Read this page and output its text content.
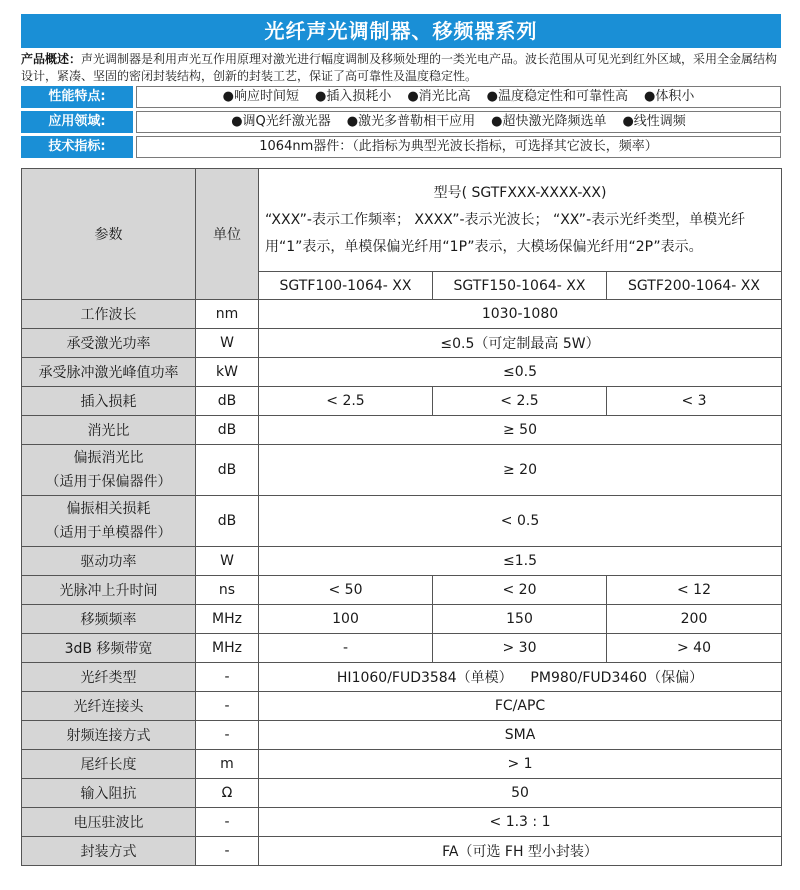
光纤声光调制器、移频器系列
产品概述：声光调制器是利用声光互作用原理对激光进行幅度调制及移频处理的一类光电产品。波长范围从可见光到红外区域，采用全金属结构设计，紧凑、坚固的密闭封装结构，创新的封装工艺，保证了高可靠性及温度稳定性。
性能特点:	●响应时间短 ●插入损耗小 ●消光比高 ●温度稳定性和可靠性高 ●体积小
应用领域:	●调Q光纤激光器 ●激光多普勒相干应用 ●超快激光降频选单 ●线性调频
技术指标:	1064nm器件：（此指标为典型光波长指标，可选择其它波长，频率）
参数	单位	型号( SGTFXXX-XXXX-XX)
“XXX”-表示工作频率； XXXX”-表示光波长； “XX”-表示光纤类型，单模光纤用“1”表示，单模保偏光纤用“1P”表示，大模场保偏光纤用“2P”表示。		

		SGTF100-1064- XX	SGTF150-1064- XX	SGTF200-1064- XX

工作波长	nm	1030-1080		

承受激光功率	W	≤0.5（可定制最高 5W）		

承受脉冲激光峰值功率	kW	≤0.5		

插入损耗	dB	< 2.5	< 2.5	< 3

消光比	dB	≥ 50		

偏振消光比
（适用于保偏器件）	dB	≥ 20		

偏振相关损耗
（适用于单模器件）	dB	< 0.5		

驱动功率	W	≤1.5		

光脉冲上升时间	ns	< 50	< 20	< 12

移频频率	MHz	100	150	200

3dB 移频带宽	MHz	-	> 30	> 40

光纤类型	-	HI1060/FUD3584（单模）    PM980/FUD3460（保偏）		

光纤连接头	-	FC/APC		

射频连接方式	-	SMA		

尾纤长度	m	> 1		

输入阻抗	Ω	50		

电压驻波比	-	< 1.3 : 1		

封装方式	-	FA（可选 FH 型小封装）		
